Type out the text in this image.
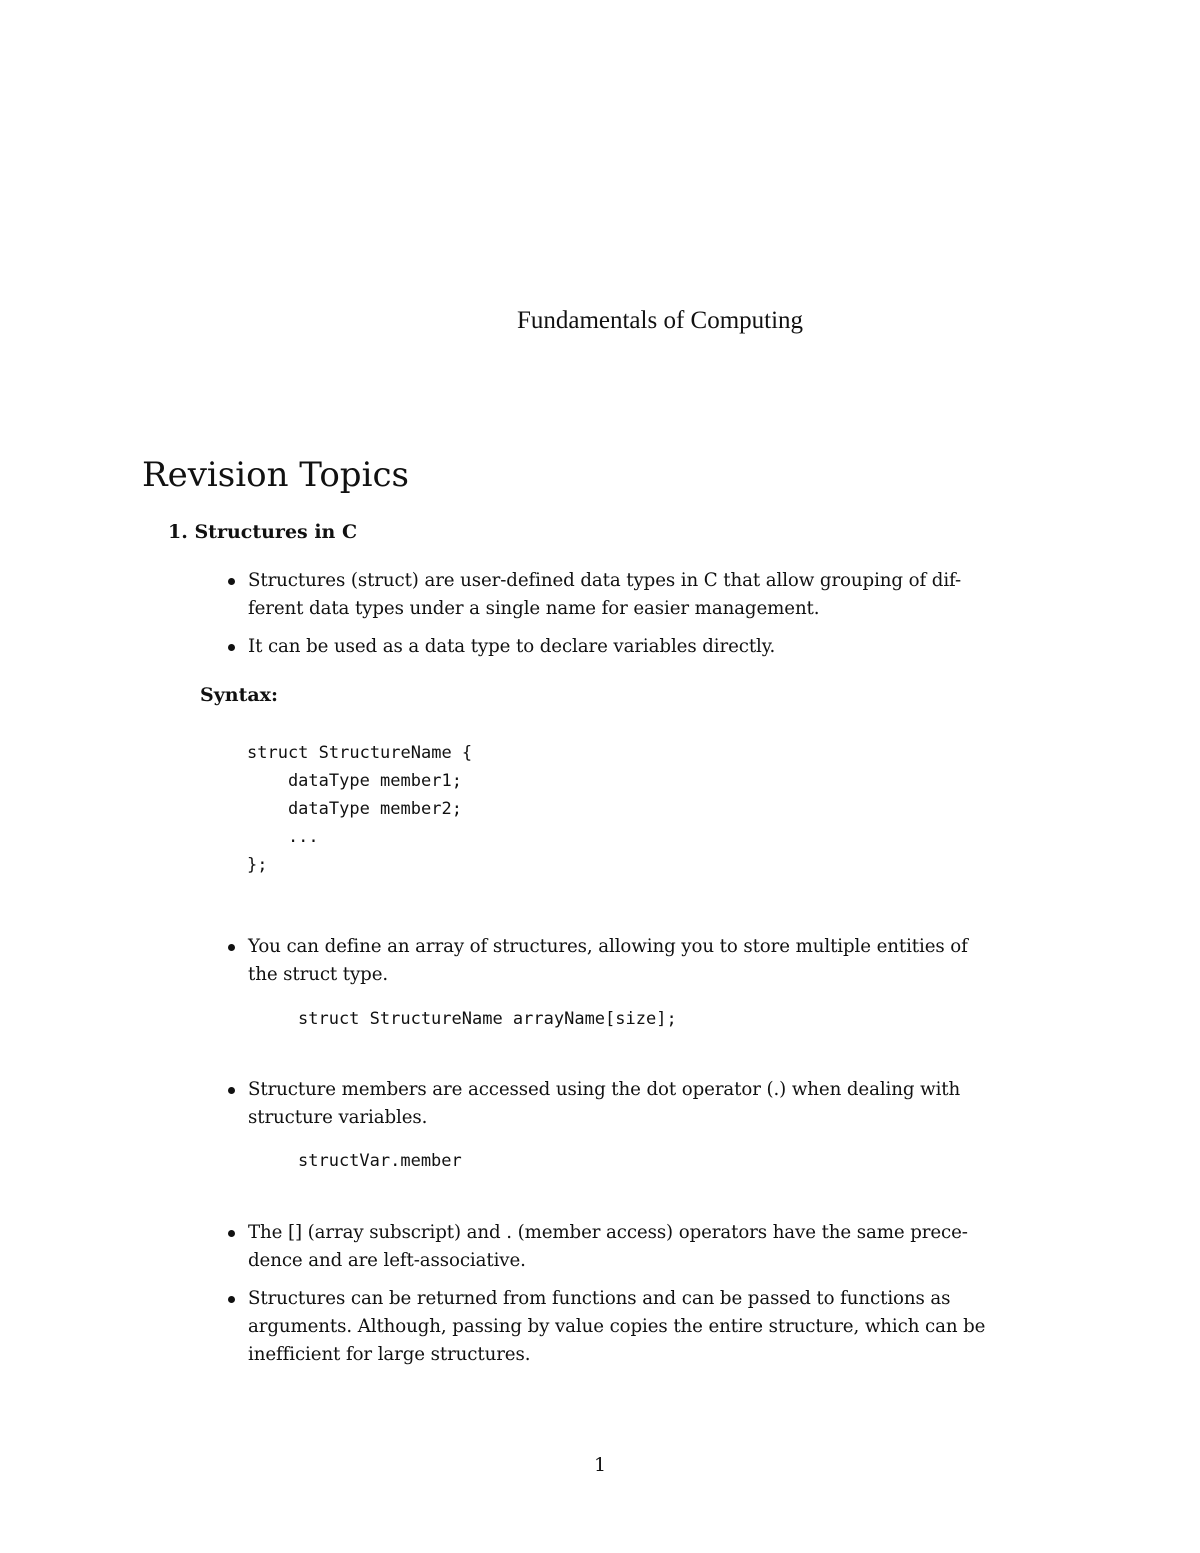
Fundamentals of Computing
Revision Topics
1. Structures in C
Structures (struct) are user-defined data types in C that allow grouping of dif-
ferent data types under a single name for easier management.
It can be used as a data type to declare variables directly.
Syntax:
struct StructureName {
dataType member1;
dataType member2;
...
};
You can define an array of structures, allowing you to store multiple entities of
the struct type.
struct StructureName arrayName[size];
Structure members are accessed using the dot operator (.) when dealing with
structure variables.
structVar.member
The [] (array subscript) and . (member access) operators have the same prece-
dence and are left-associative.
Structures can be returned from functions and can be passed to functions as
arguments. Although, passing by value copies the entire structure, which can be
inefficient for large structures.
1
